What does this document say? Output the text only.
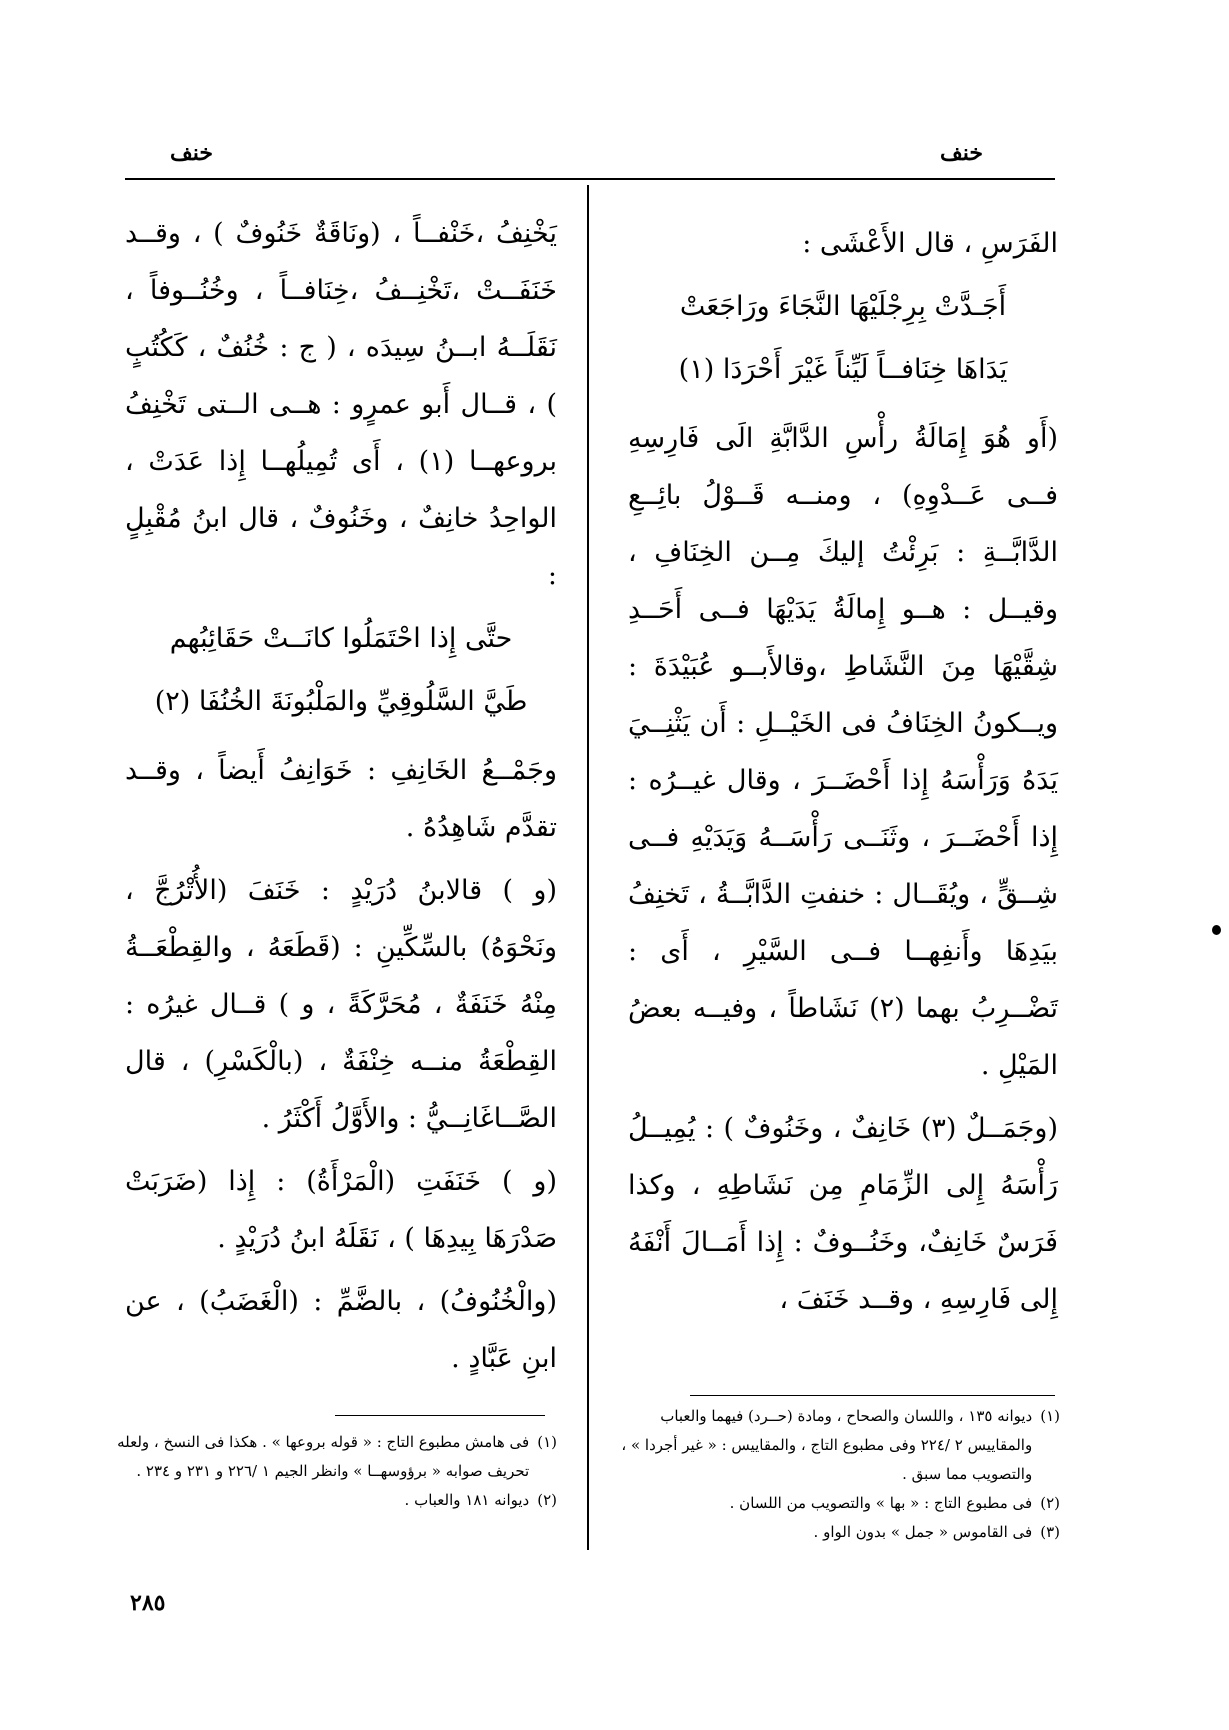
خنف
خنف

الفَرَسِ ، قال الأَعْشَى :

أَجَـدَّتْ بِرِجْلَيْهَا النَّجَاءَ ورَاجَعَتْ

يَدَاهَا خِنَافــاً لَيِّناً غَيْرَ أَحْرَدَا (١)

(أَو هُوَ إِمَالَةُ رأْسِ الدَّابَّةِ الَى فَارِسِهِ فــى عَــدْوِهِ) ، ومنــه قَــوْلُ بائِــعِ الدَّابَّــةِ : بَرِئْتُ إليكَ مِــن الخِنَافِ ، وقيــل : هــو إِمالَةُ يَدَيْهَا فــى أَحَــدِ شِقَّيْهَا مِنَ النَّشَاطِ ،وقالأَبــو عُبَيْدَةَ : ويــكونُ الخِنَافُ فى الخَيْــلِ : أَن يَثْنِــيَ يَدَهُ وَرَأْسَهُ إِذا أَحْضَــرَ ، وقال غيــرُه : إِذا أَحْضَــرَ ، وثَنَــى رَأْسَــهُ وَيَدَيْهِ فــى شِــقٍّ ، ويُقَــال : خنفتِ الدَّابَّــةُ ، تَخنِفُ بيَدِهَا وأَنفِهــا فــى السَّيْرِ ، أَى : تَضْــرِبُ بهما (٢) نَشَاطاً ، وفيــه بعضُ المَيْلِ .

(وجَمَــلٌ (٣) خَانِفٌ ، وخَنُوفٌ ) : يُمِيــلُ رَأْسَهُ إِلى الزِّمَامِ مِن نَشَاطِهِ ، وكذا فَرَسٌ خَانِفٌ، وخَنُــوفٌ : إِذا أَمَــالَ أَنْفَهُ إِلى فَارِسِهِ ، وقــد خَنَفَ ،

يَخْنِفُ ،خَنْفــاً ، (ونَاقَةٌ خَنُوفٌ ) ، وقــد خَنَفَــتْ ،تَخْنِــفُ ،خِنَافــاً ، وخُنُــوفاً ، نَقَلَــهُ ابــنُ سِيدَه ، ( ج : خُنُفٌ ، كَكُتُبٍ ) ، قــال أَبو عمرٍو : هــى الــتى تَخْنِفُ بروعهــا (١) ، أَى تُمِيلُهــا إِذا عَدَتْ ، الواحِدُ خانِفٌ ، وخَنُوفٌ ، قال ابنُ مُقْبِلٍ :

حتَّى إِذا احْتَمَلُوا كانَــتْ حَقَائِبُهم

طَيَّ السَّلُوقِيِّ والمَلْبُونَةَ الخُنُفَا (٢)

وجَمْــعُ الخَانِفِ : خَوَانِفُ أَيضاً ، وقــد تقدَّم شَاهِدُهُ .

(و ) قالابنُ دُرَيْدٍ : خَنَفَ (الأُتْرُجَّ ، ونَحْوَهُ) بالسِّكِّينِ : (قَطَعَهُ ، والقِطْعَــةُ مِنْهُ خَنَفَةٌ ، مُحَرَّكَةً ، و ) قــال غيرُه : القِطْعَةُ منــه خِنْفَةٌ ، (بالْكَسْرِ) ، قال الصَّــاغَانِــيُّ : والأَوَّلُ أَكْثَرُ .

(و ) خَنَفَتِ (الْمَرْأَةُ) : إِذا (ضَرَبَتْ صَدْرَهَا بِيدِهَا ) ، نَقَلَهُ ابنُ دُرَيْدٍ .

(والْخُنُوفُ) ، بالضَّمِّ : (الْغَضَبُ) ، عن ابنِ عَبَّادٍ .

(١)
ديوانه ١٣٥ ، واللسان والصحاح ، ومادة (حــرد) فيهما والعباب والمقاييس ٢ /٢٢٤ وفى مطبوع التاج ، والمقاييس : « غير أجردا » ، والتصويب مما سبق .
(٢)
فى مطبوع التاج : « بها » والتصويب من اللسان .
(٣)
فى القاموس « جمل » بدون الواو .
(١)
فى هامش مطبوع التاج : « قوله بروعها » . هكذا فى النسخ ، ولعله تحريف صوابه « برؤوسهــا » وانظر الجيم ١ /٢٢٦ و ٢٣١ و ٢٣٤ .
(٢)
ديوانه ١٨١ والعباب .
٢٨٥
